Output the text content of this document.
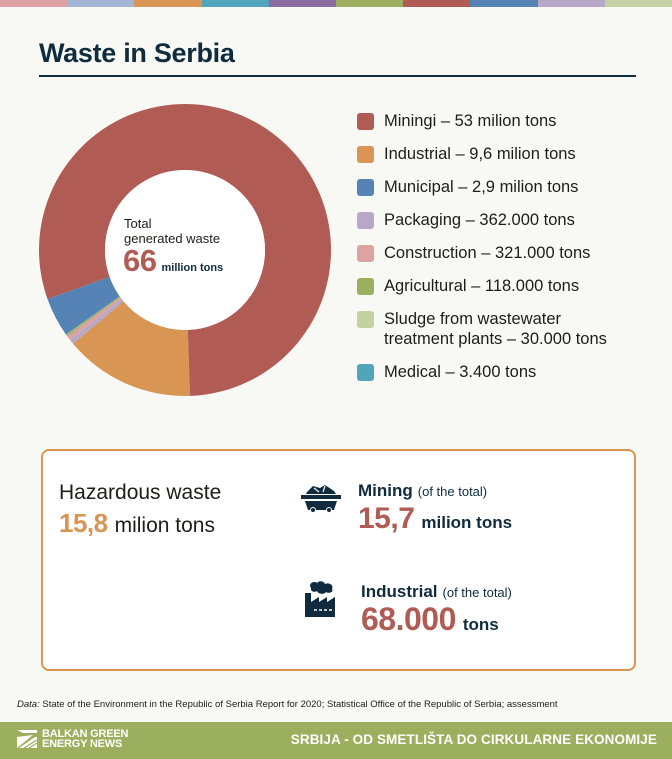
Waste in Serbia
Total
generated waste
66 million tons
Miningi – 53 milion tons
Industrial – 9,6 milion tons
Municipal – 2,9 milion tons
Packaging – 362.000 tons
Construction – 321.000 tons
Agricultural – 118.000 tons
Sludge from wastewater treatment plants – 30.000 tons
Medical – 3.400 tons
Hazardous waste
15,8 milion tons
Mining (of the total)
15,7 milion tons
Industrial (of the total)
68.000 tons
Data: State of the Environment in the Republic of Serbia Report for 2020; Statistical Office of the Republic of Serbia; assessment
BALKAN GREEN
ENERGY NEWS	SRBIJA - OD SMETLIŠTA DO CIRKULARNE EKONOMIJE
